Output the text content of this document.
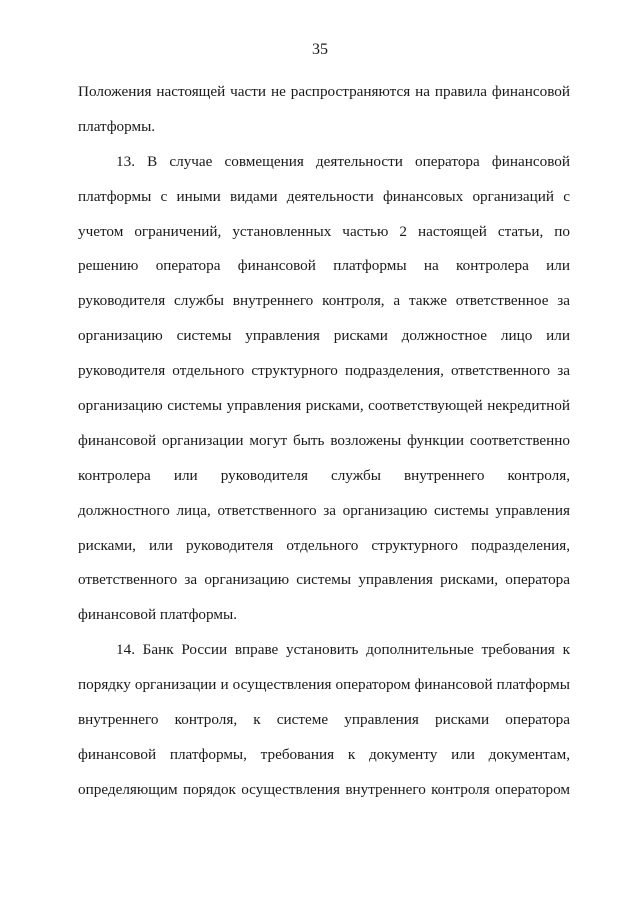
35
Положения настоящей части не распространяются на правила финансовой
платформы.
13. В случае совмещения деятельности оператора финансовой
платформы с иными видами деятельности финансовых организаций с
учетом ограничений, установленных частью 2 настоящей статьи, по
решению оператора финансовой платформы на контролера или
руководителя службы внутреннего контроля, а также ответственное за
организацию системы управления рисками должностное лицо или
руководителя отдельного структурного подразделения, ответственного за
организацию системы управления рисками, соответствующей некредитной
финансовой организации могут быть возложены функции соответственно
контролера или руководителя службы внутреннего контроля,
должностного лица, ответственного за организацию системы управления
рисками, или руководителя отдельного структурного подразделения,
ответственного за организацию системы управления рисками, оператора
финансовой платформы.
14. Банк России вправе установить дополнительные требования к
порядку организации и осуществления оператором финансовой платформы
внутреннего контроля, к системе управления рисками оператора
финансовой платформы, требования к документу или документам,
определяющим порядок осуществления внутреннего контроля оператором
